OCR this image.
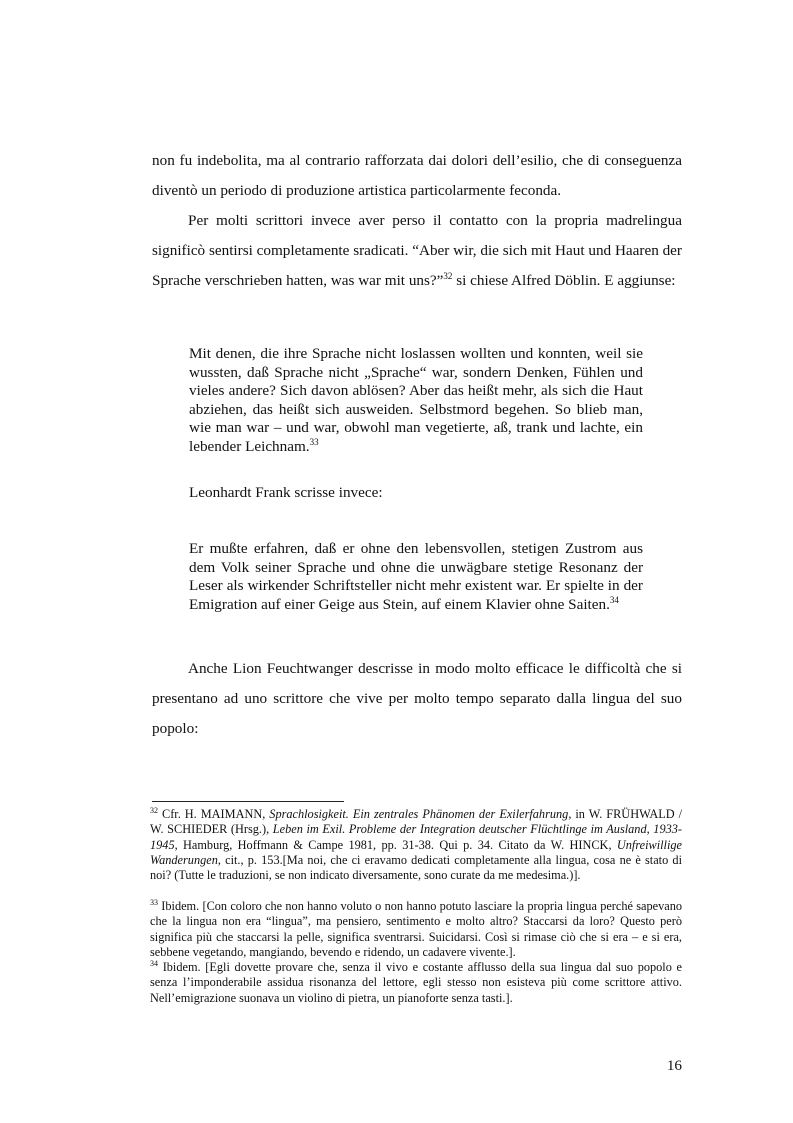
non fu indebolita, ma al contrario rafforzata dai dolori dell’esilio, che di conseguenza diventò un periodo di produzione artistica particolarmente feconda.

Per molti scrittori invece aver perso il contatto con la propria madrelingua significò sentirsi completamente sradicati. “Aber wir, die sich mit Haut und Haaren der Sprache verschrieben hatten, was war mit uns?”$^{32}$ si chiese Alfred Döblin. E aggiunse:

Mit denen, die ihre Sprache nicht loslassen wollten und konnten, weil sie wussten, daß Sprache nicht „Sprache“ war, sondern Denken, Fühlen und vieles andere? Sich davon ablösen? Aber das heißt mehr, als sich die Haut abziehen, das heißt sich ausweiden. Selbstmord begehen. So blieb man, wie man war – und war, obwohl man vegetierte, aß, trank und lachte, ein lebender Leichnam.$^{33}$

Leonhardt Frank scrisse invece:

Er mußte erfahren, daß er ohne den lebensvollen, stetigen Zustrom aus dem Volk seiner Sprache und ohne die unwägbare stetige Resonanz der Leser als wirkender Schriftsteller nicht mehr existent war. Er spielte in der Emigration auf einer Geige aus Stein, auf einem Klavier ohne Saiten.$^{34}$

Anche Lion Feuchtwanger descrisse in modo molto efficace le difficoltà che si presentano ad uno scrittore che vive per molto tempo separato dalla lingua del suo popolo:

$^{32}$ Cfr. H. MAIMANN, Sprachlosigkeit. Ein zentrales Phänomen der Exilerfahrung, in W. FRÜHWALD / W. SCHIEDER (Hrsg.), Leben im Exil. Probleme der Integration deutscher Flüchtlinge im Ausland, 1933-1945, Hamburg, Hoffmann & Campe 1981, pp. 31-38. Qui p. 34. Citato da W. HINCK, Unfreiwillige Wanderungen, cit., p. 153.[Ma noi, che ci eravamo dedicati completamente alla lingua, cosa ne è stato di noi? (Tutte le traduzioni, se non indicato diversamente, sono curate da me medesima.)].

$^{33}$ Ibidem. [Con coloro che non hanno voluto o non hanno potuto lasciare la propria lingua perché sapevano che la lingua non era “lingua”, ma pensiero, sentimento e molto altro? Staccarsi da loro? Questo però significa più che staccarsi la pelle, significa sventrarsi. Suicidarsi. Così si rimase ciò che si era – e si era, sebbene vegetando, mangiando, bevendo e ridendo, un cadavere vivente.].

$^{34}$ Ibidem. [Egli dovette provare che, senza il vivo e costante afflusso della sua lingua dal suo popolo e senza l’imponderabile assidua risonanza del lettore, egli stesso non esisteva più come scrittore attivo. Nell’emigrazione suonava un violino di pietra, un pianoforte senza tasti.].

16
